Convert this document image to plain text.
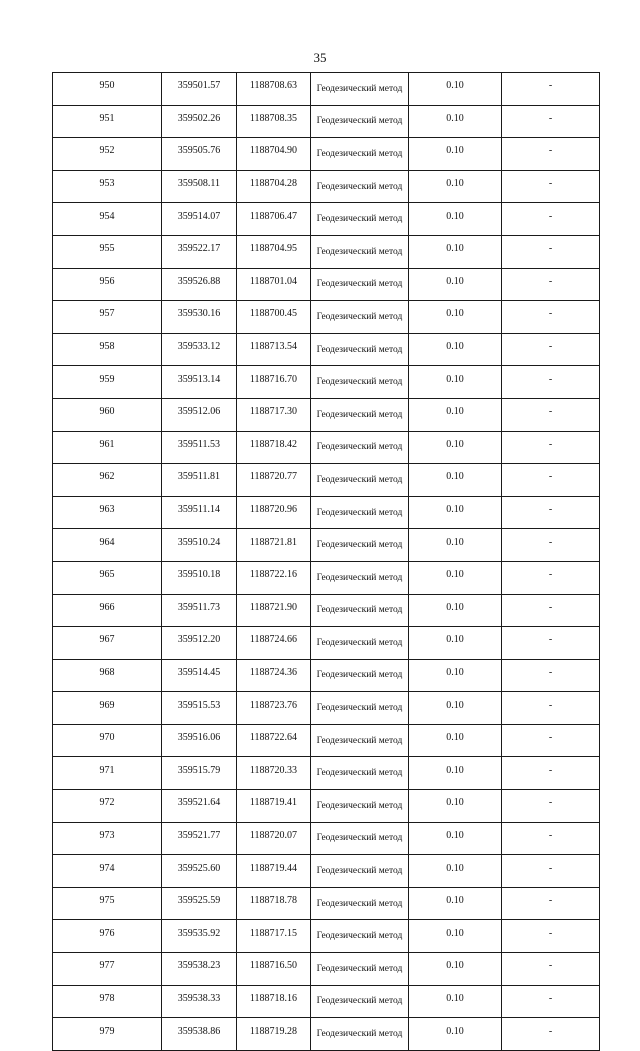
35
950	359501.57	1188708.63	Геодезический метод	0.10	-
951	359502.26	1188708.35	Геодезический метод	0.10	-
952	359505.76	1188704.90	Геодезический метод	0.10	-
953	359508.11	1188704.28	Геодезический метод	0.10	-
954	359514.07	1188706.47	Геодезический метод	0.10	-
955	359522.17	1188704.95	Геодезический метод	0.10	-
956	359526.88	1188701.04	Геодезический метод	0.10	-
957	359530.16	1188700.45	Геодезический метод	0.10	-
958	359533.12	1188713.54	Геодезический метод	0.10	-
959	359513.14	1188716.70	Геодезический метод	0.10	-
960	359512.06	1188717.30	Геодезический метод	0.10	-
961	359511.53	1188718.42	Геодезический метод	0.10	-
962	359511.81	1188720.77	Геодезический метод	0.10	-
963	359511.14	1188720.96	Геодезический метод	0.10	-
964	359510.24	1188721.81	Геодезический метод	0.10	-
965	359510.18	1188722.16	Геодезический метод	0.10	-
966	359511.73	1188721.90	Геодезический метод	0.10	-
967	359512.20	1188724.66	Геодезический метод	0.10	-
968	359514.45	1188724.36	Геодезический метод	0.10	-
969	359515.53	1188723.76	Геодезический метод	0.10	-
970	359516.06	1188722.64	Геодезический метод	0.10	-
971	359515.79	1188720.33	Геодезический метод	0.10	-
972	359521.64	1188719.41	Геодезический метод	0.10	-
973	359521.77	1188720.07	Геодезический метод	0.10	-
974	359525.60	1188719.44	Геодезический метод	0.10	-
975	359525.59	1188718.78	Геодезический метод	0.10	-
976	359535.92	1188717.15	Геодезический метод	0.10	-
977	359538.23	1188716.50	Геодезический метод	0.10	-
978	359538.33	1188718.16	Геодезический метод	0.10	-
979	359538.86	1188719.28	Геодезический метод	0.10	-
